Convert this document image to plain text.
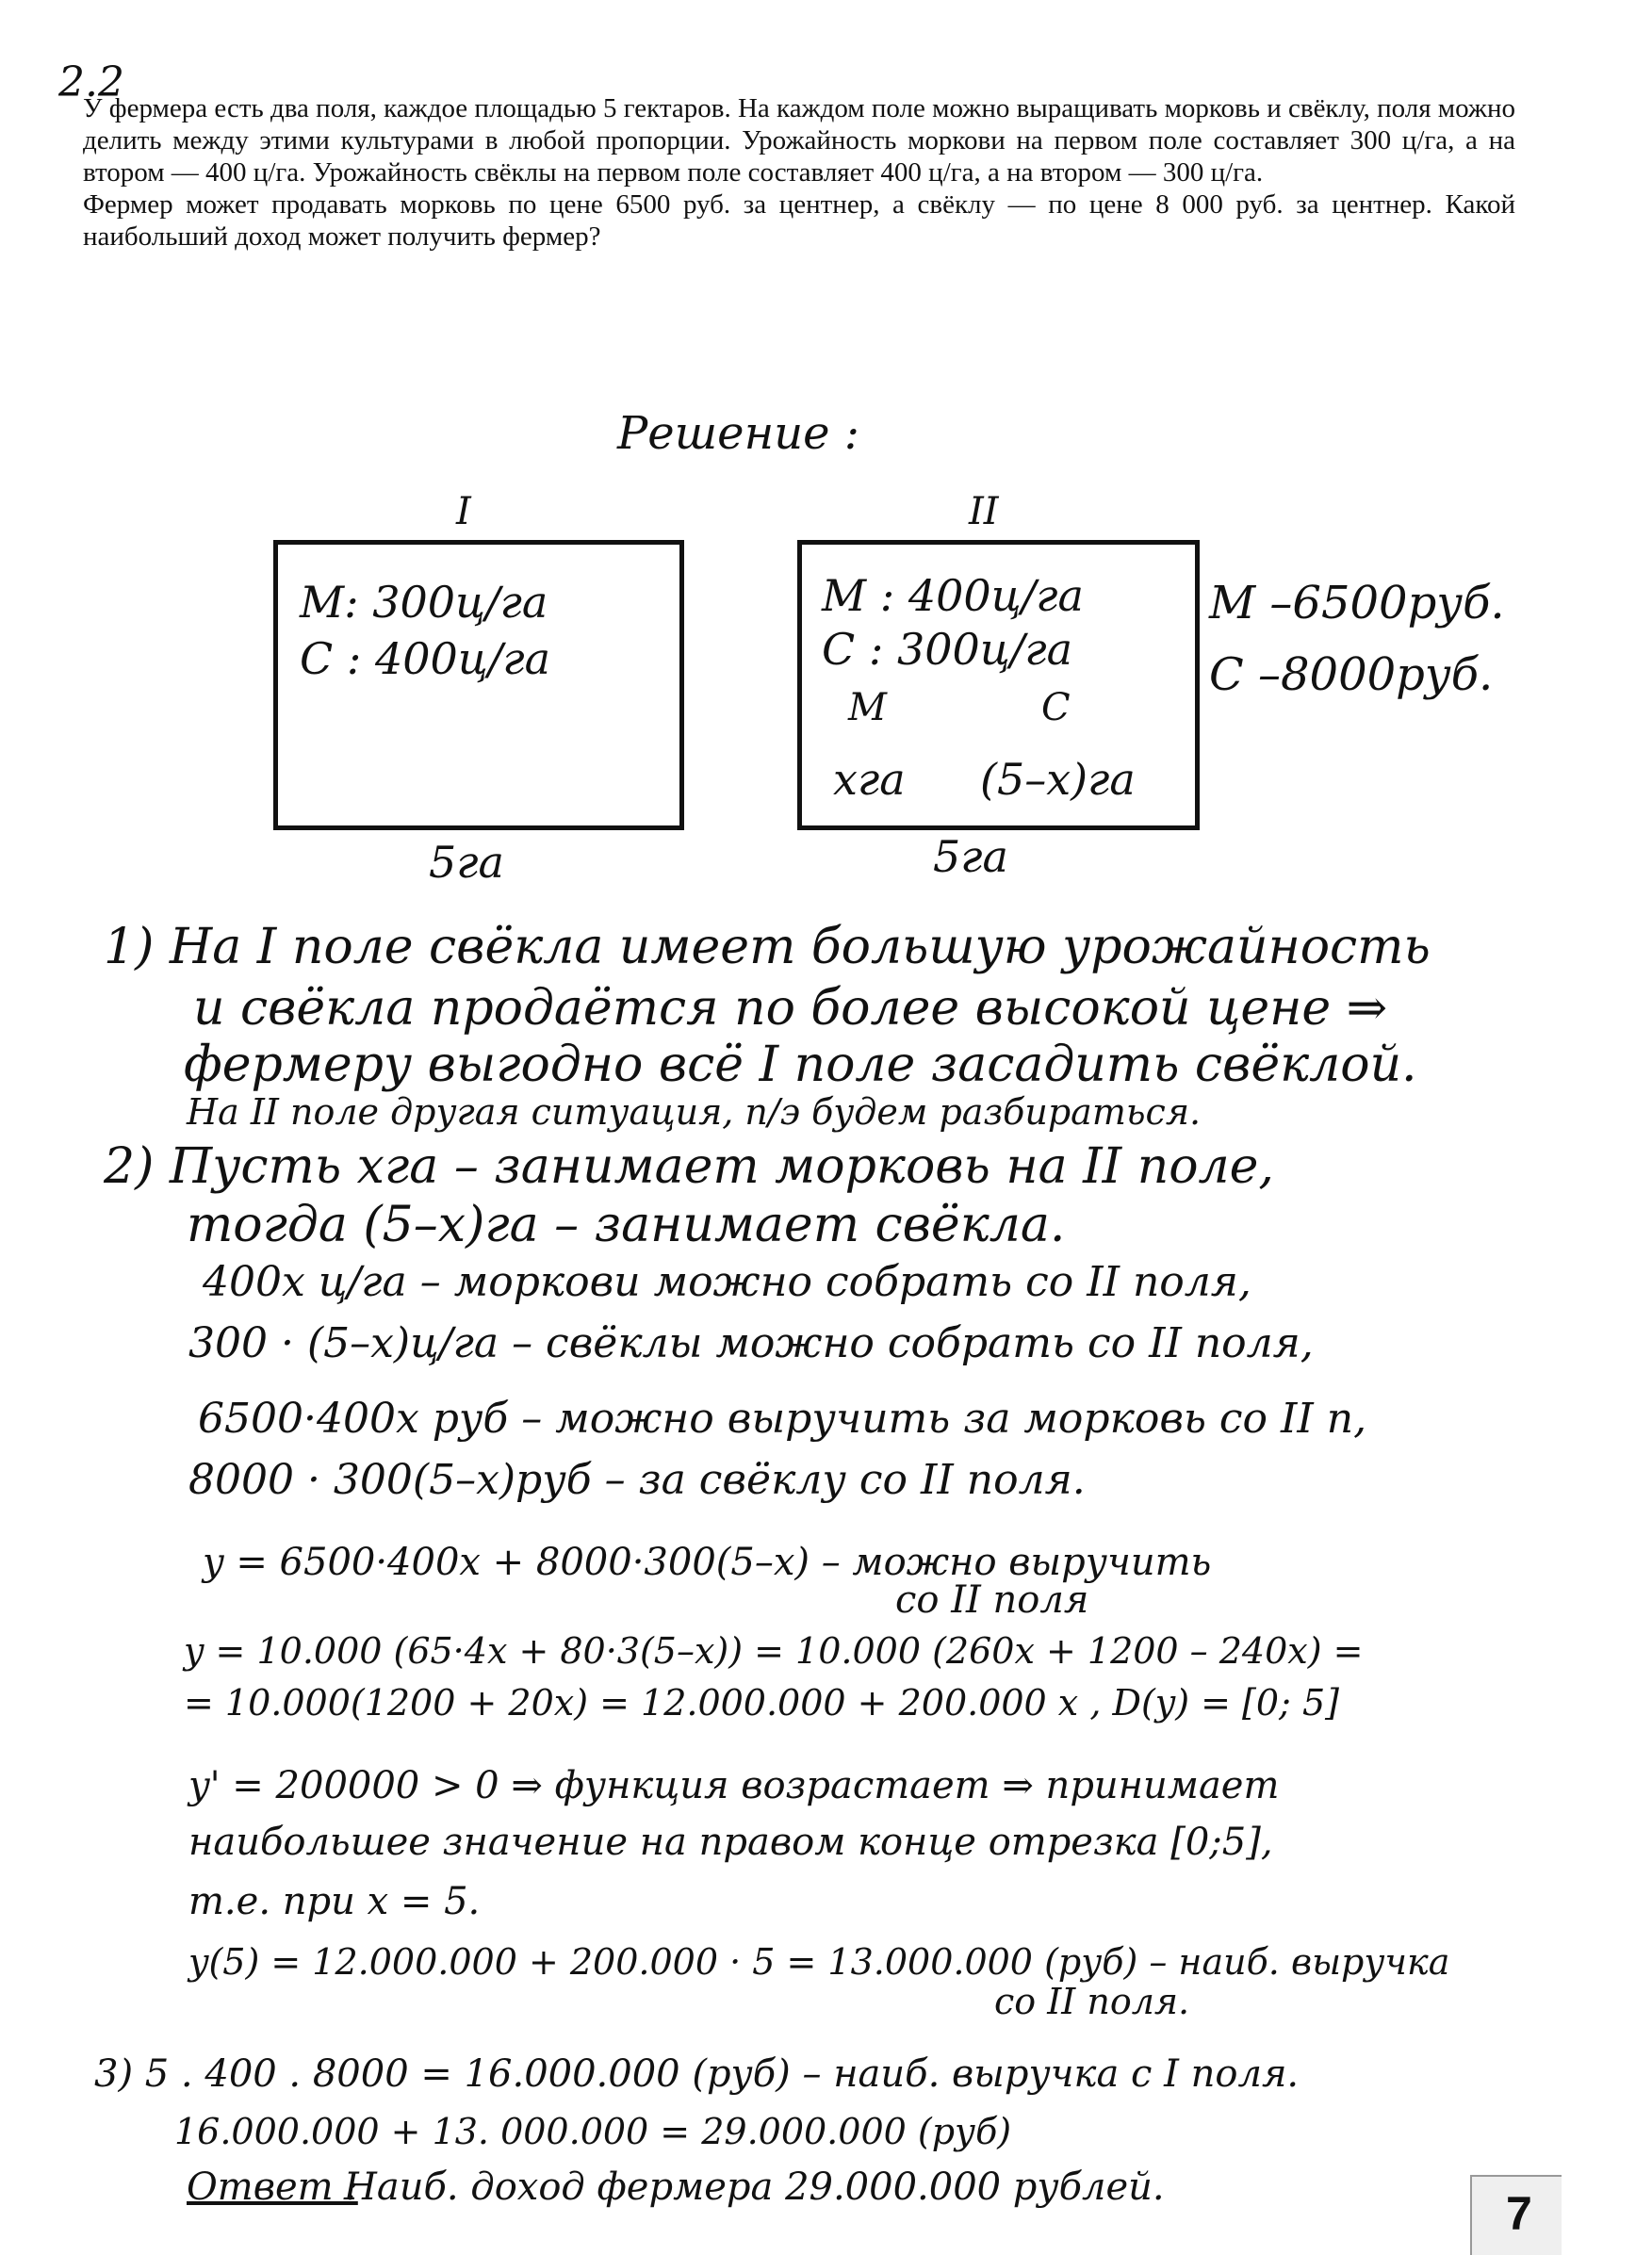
2.2

У фермера есть два поля, каждое площадью 5 гектаров. На каждом поле можно выращивать морковь и свёклу, поля можно делить между этими культурами в любой пропорции. Урожайность моркови на первом поле составляет 300 ц/га, а на втором — 400 ц/га. Урожайность свёклы на первом поле составляет 400 ц/га, а на втором — 300 ц/га.

Фермер может продавать морковь по цене 6500 руб. за центнер, а свёклу — по цене 8 000 руб. за центнер. Какой наибольший доход может получить фермер?

Решение :
I
М: 300ц/га
С : 400ц/га
5га
II
М : 400ц/га
С : 300ц/га
М	С
xга (5–x)га
5га
М –6500руб.
С –8000руб.
1) На I поле свёкла имеет большую урожайность
и свёкла продаётся по более высокой цене ⇒
фермеру выгодно всё I поле засадить свёклой.
На II поле другая ситуация, п/э будем разбираться.
2) Пусть xга – занимает морковь на II поле,
тогда (5–x)га – занимает свёкла.
400x ц/га – моркови можно собрать со II поля,
300 · (5–x)ц/га – свёклы можно собрать со II поля,
6500·400x руб – можно выручить за морковь со II п,
8000 · 300(5–x)руб – за свёклу со II поля.
y = 6500·400x + 8000·300(5–x) – можно выручить
со II поля
y = 10.000 (65·4x + 80·3(5–x)) = 10.000 (260x + 1200 – 240x) =
= 10.000(1200 + 20x) = 12.000.000 + 200.000 x , D(y) = [0; 5]
y' = 200000 > 0 ⇒ функция возрастает ⇒ принимает
наибольшее значение на правом конце отрезка [0;5],
т.е. при x = 5.
y(5) = 12.000.000 + 200.000 · 5 = 13.000.000 (руб) – наиб. выручка
со II поля.
3) 5 . 400 . 8000 = 16.000.000 (руб) – наиб. выручка с I поля.
16.000.000 + 13. 000.000 = 29.000.000 (руб)
Ответ :
Наиб. доход фермера 29.000.000 рублей.	7
